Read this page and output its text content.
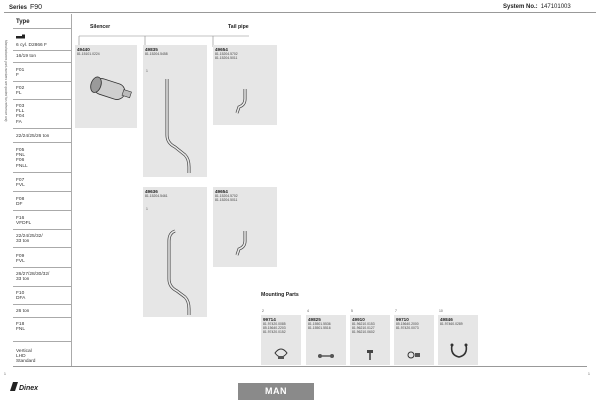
Series F90	System No.: 147101003
Manufacturers part numbers are quoted for reference only
Type
6 cyl. D2866 F
16/19 ton
F01
F
F02
FL
F03
FLL
F04
FA
22/24/25/26 ton
F05
FNL
F06
FNLL
F07
FVL
F08
DF
F16
VFDFL
22/24/25/32/
33 ton
F09
FVL
26/27/28/30/32/
33 ton
F10
DFA
26 ton
F18
FNL
Vertical
LHD
Standard
Silencer	Tail pipe
49440
81.15101.0224
49835
81.15204.5458
1
49654
81.15204.5702
81.15204.5011
49636
81.15204.5461
1
49654
81.15204.5702
81.15204.5011
Mounting Parts
2
99714
81.97420.0085
85.15640.2203
81.97420.0152
4
49825
81.15501.5536
81.15501.5516
5
49910
81.96210.0153
81.96210.0127
81.96210.0602
7
99710
85.15640.2000
81.97420.0073
10
49846
81.97460.0289
Dinex
1	1
MAN
